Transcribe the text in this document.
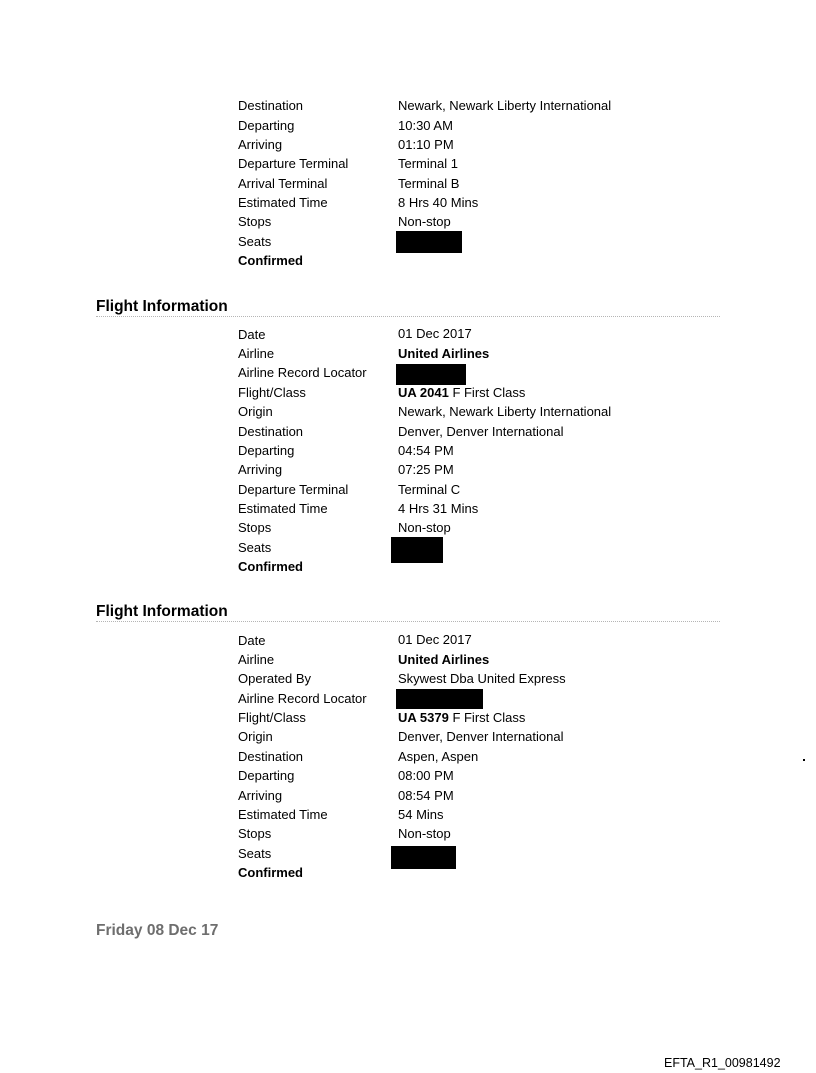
Destination	Newark, Newark Liberty International
Departing	10:30 AM
Arriving	01:10 PM
Departure Terminal	Terminal 1
Arrival Terminal	Terminal B
Estimated Time	8 Hrs 40 Mins
Stops	Non-stop
Seats
Confirmed
Flight Information
Date	01 Dec 2017
Airline	United Airlines
Airline Record Locator
Flight/Class	UA 2041 F First Class
Origin	Newark, Newark Liberty International
Destination	Denver, Denver International
Departing	04:54 PM
Arriving	07:25 PM
Departure Terminal	Terminal C
Estimated Time	4 Hrs 31 Mins
Stops	Non-stop
Seats
Confirmed
Flight Information
Date	01 Dec 2017
Airline	United Airlines
Operated By	Skywest Dba United Express
Airline Record Locator
Flight/Class	UA 5379 F First Class
Origin	Denver, Denver International
Destination	Aspen, Aspen
Departing	08:00 PM
Arriving	08:54 PM
Estimated Time	54 Mins
Stops	Non-stop
Seats
Confirmed
Friday 08 Dec 17
EFTA_R1_00981492
